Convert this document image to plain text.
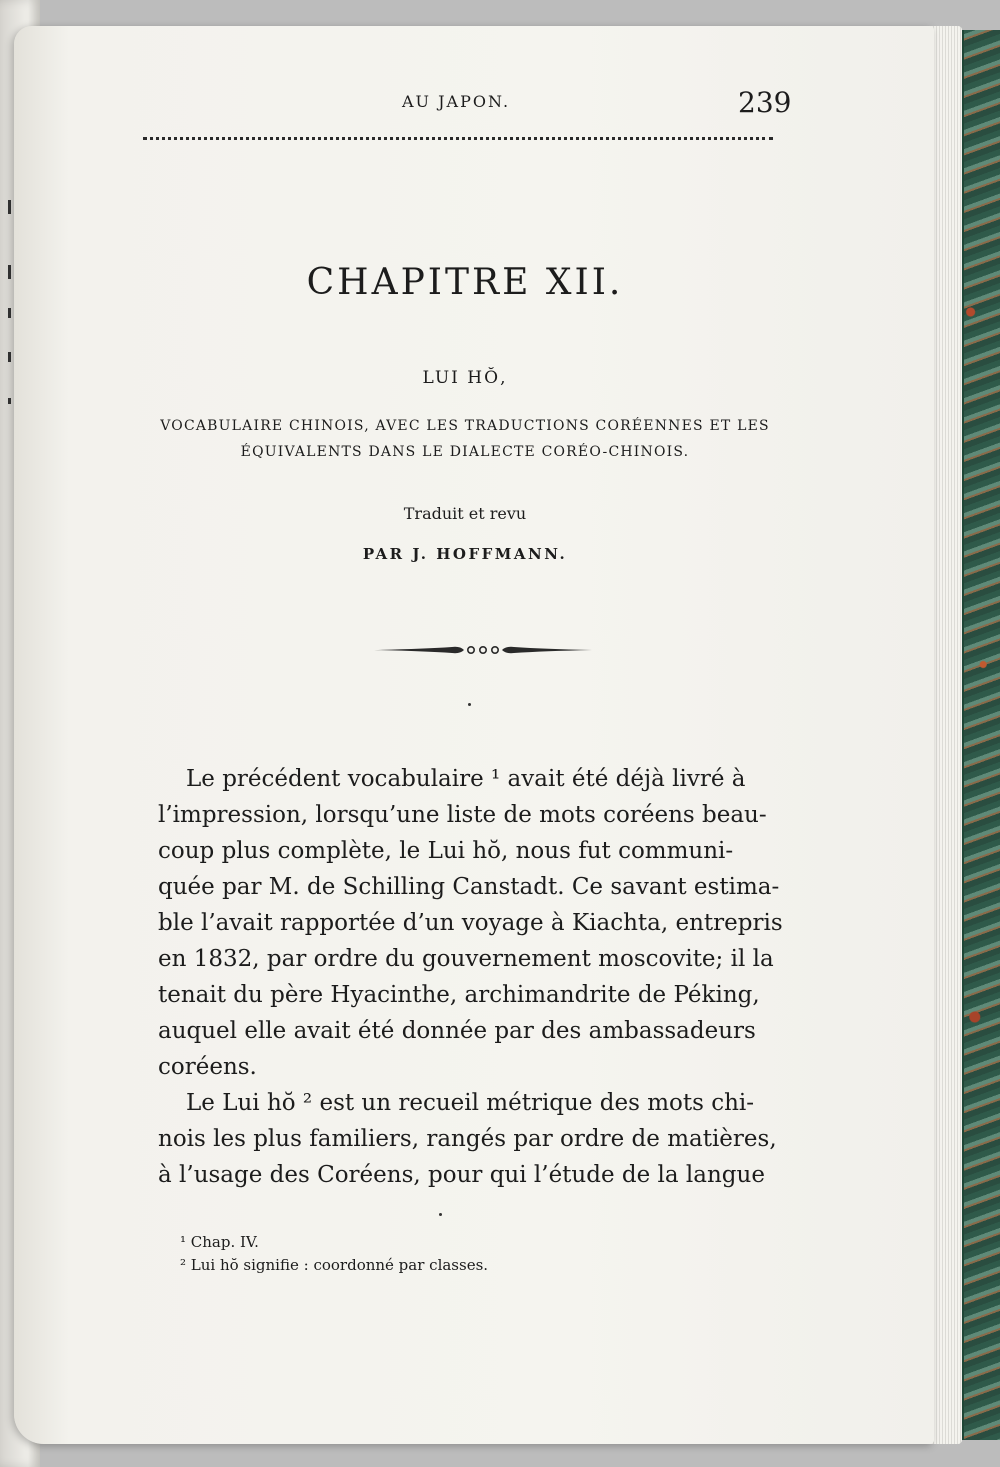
AU JAPON.	239

CHAPITRE XII.

LUI HŎ,

VOCABULAIRE CHINOIS, AVEC LES TRADUCTIONS CORÉENNES ET LES

ÉQUIVALENTS DANS LE DIALECTE CORÉO-CHINOIS.

Traduit et revu

PAR J. HOFFMANN.

Le précédent vocabulaire ¹ avait été déjà livré à

l’impression, lorsqu’une liste de mots coréens beau-

coup plus complète, le Lui hŏ, nous fut communi-

quée par M. de Schilling Canstadt. Ce savant estima-

ble l’avait rapportée d’un voyage à Kiachta, entrepris

en 1832, par ordre du gouvernement moscovite; il la

tenait du père Hyacinthe, archimandrite de Péking,

auquel elle avait été donnée par des ambassadeurs

coréens.

Le Lui hŏ ² est un recueil métrique des mots chi-

nois les plus familiers, rangés par ordre de matières,

à l’usage des Coréens, pour qui l’étude de la langue

¹ Chap. IV.

² Lui hŏ signifie : coordonné par classes.
